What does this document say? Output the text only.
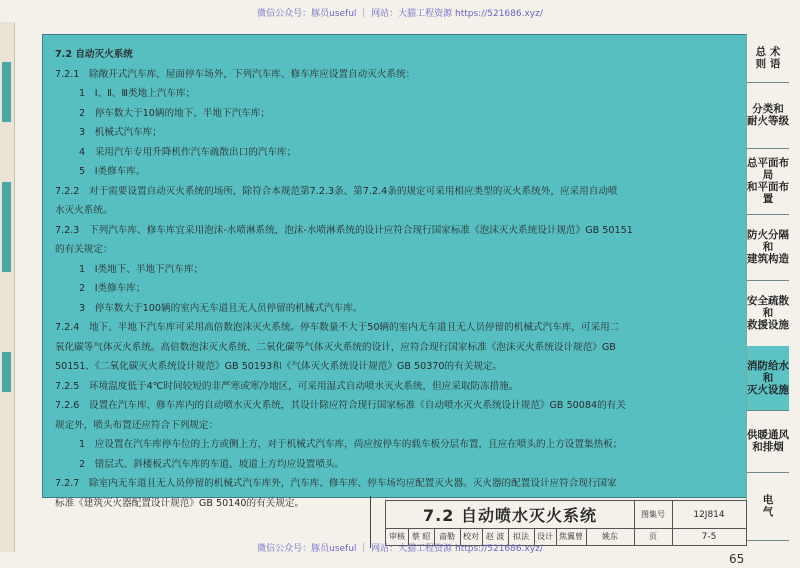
微信公众号：豚员useful ｜ 网站：大猫工程资源 https://521686.xyz/
7.2 自动灭火系统
7.2.1　除敞开式汽车库、屋面停车场外，下列汽车库、修车库应设置自动灭火系统：
1　Ⅰ、Ⅱ、Ⅲ类地上汽车库；
2　停车数大于10辆的地下、半地下汽车库；
3　机械式汽车库；
4　采用汽车专用升降机作汽车疏散出口的汽车库；
5　Ⅰ类修车库。
7.2.2　对于需要设置自动灭火系统的场所，除符合本规范第7.2.3条、第7.2.4条的规定可采用相应类型的灭火系统外，应采用自动喷
水灭火系统。
7.2.3　下列汽车库、修车库宜采用泡沫-水喷淋系统，泡沫-水喷淋系统的设计应符合现行国家标准《泡沫灭火系统设计规范》GB 50151
的有关规定：
1　Ⅰ类地下、半地下汽车库；
2　Ⅰ类修车库；
3　停车数大于100辆的室内无车道且无人员停留的机械式汽车库。
7.2.4　地下、半地下汽车库可采用高倍数泡沫灭火系统。停车数量不大于50辆的室内无车道且无人员停留的机械式汽车库，可采用二
氧化碳等气体灭火系统。高倍数泡沫灭火系统、二氧化碳等气体灭火系统的设计，应符合现行国家标准《泡沫灭火系统设计规范》GB
50151、《二氧化碳灭火系统设计规范》GB 50193和《气体灭火系统设计规范》GB 50370的有关规定。
7.2.5　环境温度低于4℃时间较短的非严寒或寒冷地区，可采用湿式自动喷水灭火系统，但应采取防冻措施。
7.2.6　设置在汽车库、修车库内的自动喷水灭火系统，其设计除应符合现行国家标准《自动喷水灭火系统设计规范》GB 50084的有关
规定外，喷头布置还应符合下列规定：
1　应设置在汽车库停车位的上方或侧上方，对于机械式汽车库，尚应按停车的载车板分层布置，且应在喷头的上方设置集热板；
2　错层式、斜楼板式汽车库的车道、坡道上方均应设置喷头。
7.2.7　除室内无车道且无人员停留的机械式汽车库外，汽车库、修车库、停车场均应配置灭火器。灭火器的配置设计应符合现行国家
标准《建筑灭火器配置设计规范》GB 50140的有关规定。
总 术
则 语
分类和
耐火等级
总平面布局
和平面布置
防火分隔和
建筑构造
安全疏散和
救援设施
消防给水和
灭火设施
供暖通风
和排烟
电
气
7.2 自动喷水灭火系统	图集号	12J814
页	7-5
审核 蔡 昭	啬勒	校对 赵 波	拟法	设计 焦翼曾	姚东
微信公众号：豚员useful ｜ 网站：大猫工程资源 https://521686.xyz/
65
